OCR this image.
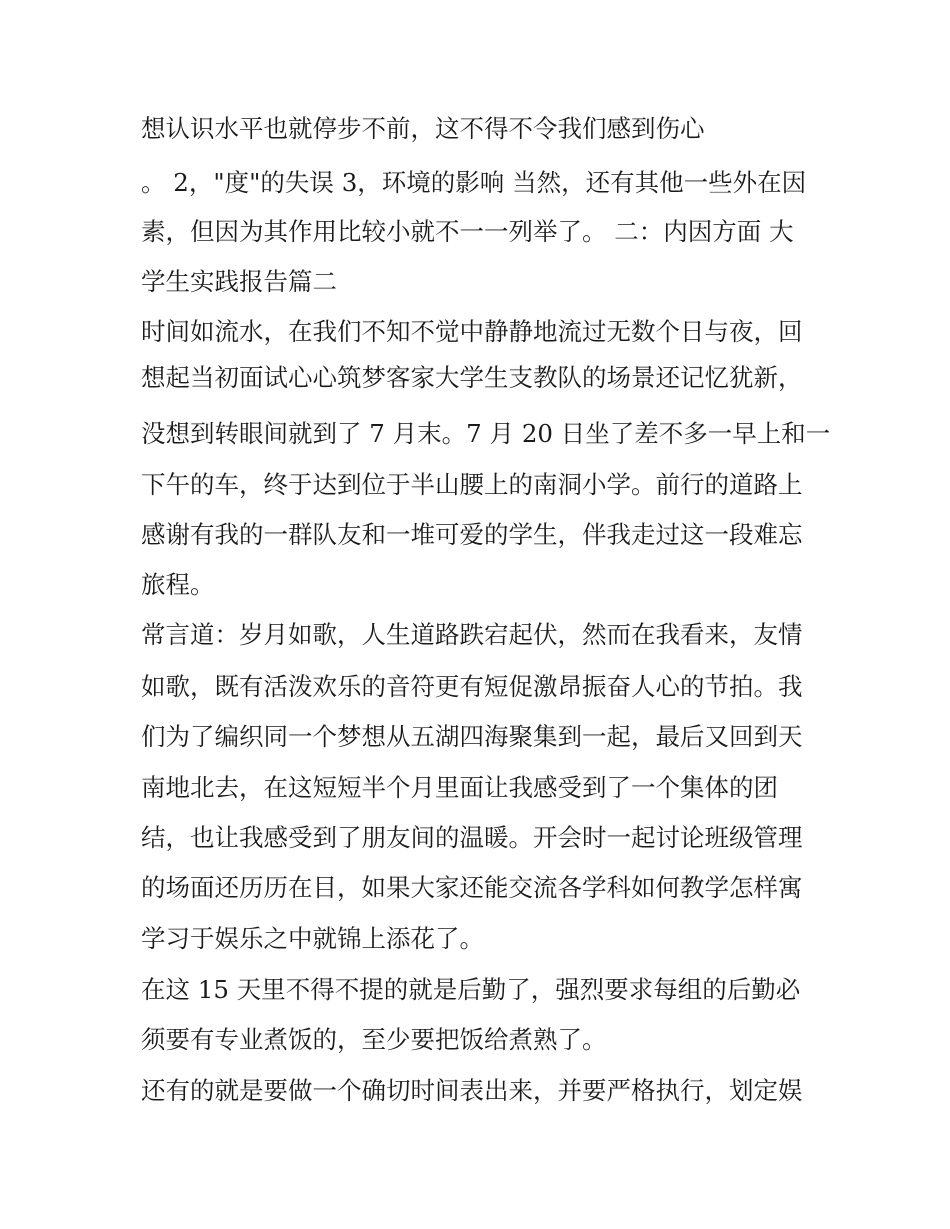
想认识水平也就停步不前，这不得不令我们感到伤心
。 2，"度"的失误 3，环境的影响 当然，还有其他一些外在因
素，但因为其作用比较小就不一一列举了。 二：内因方面 大
学生实践报告篇二
时间如流水，在我们不知不觉中静静地流过无数个日与夜，回
想起当初面试心心筑梦客家大学生支教队的场景还记忆犹新，
没想到转眼间就到了 7 月末。7 月 20 日坐了差不多一早上和一
下午的车，终于达到位于半山腰上的南洞小学。前行的道路上
感谢有我的一群队友和一堆可爱的学生，伴我走过这一段难忘
旅程。
常言道：岁月如歌，人生道路跌宕起伏，然而在我看来，友情
如歌，既有活泼欢乐的音符更有短促激昂振奋人心的节拍。我
们为了编织同一个梦想从五湖四海聚集到一起，最后又回到天
南地北去，在这短短半个月里面让我感受到了一个集体的团
结，也让我感受到了朋友间的温暖。开会时一起讨论班级管理
的场面还历历在目，如果大家还能交流各学科如何教学怎样寓
学习于娱乐之中就锦上添花了。
在这 15 天里不得不提的就是后勤了，强烈要求每组的后勤必
须要有专业煮饭的，至少要把饭给煮熟了。
还有的就是要做一个确切时间表出来，并要严格执行，划定娱
